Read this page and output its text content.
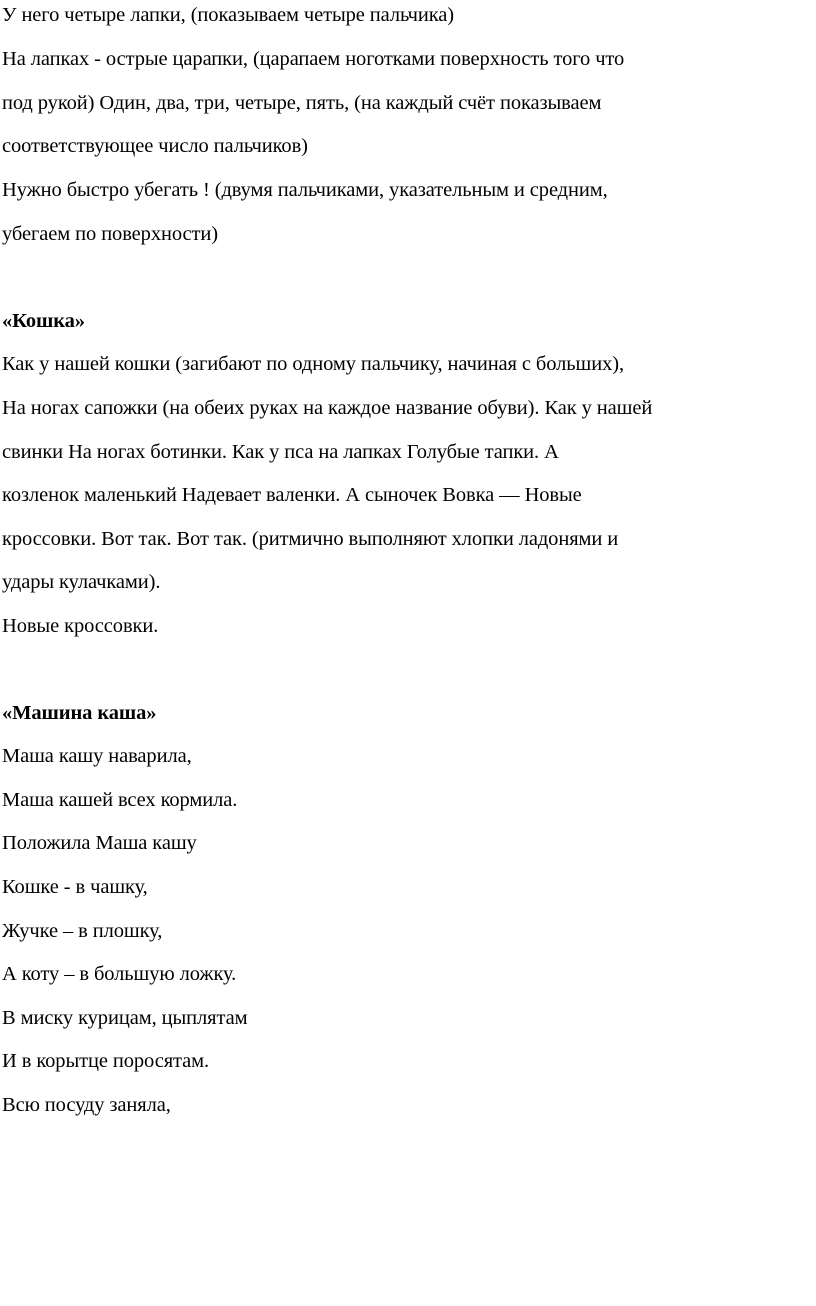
У него четыре лапки, (показываем четыре пальчика)
На лапках - острые царапки, (царапаем ноготками поверхность того что
под рукой) Один, два, три, четыре, пять, (на каждый счёт показываем
соответствующее число пальчиков)
Нужно быстро убегать ! (двумя пальчиками, указательным и средним,
убегаем по поверхности)
«Кошка»
Как у нашей кошки (загибают по одному пальчику, начиная с больших),
На ногах сапожки (на обеих руках на каждое название обуви). Как у нашей
свинки На ногах ботинки. Как у пса на лапках Голубые тапки. А
козленок маленький Надевает валенки. А сыночек Вовка — Новые
кроссовки. Вот так. Вот так. (ритмично выполняют хлопки ладонями и
удары кулачками).
Новые кроссовки.
«Машина каша»
Маша кашу наварила,
Маша кашей всех кормила.
Положила Маша кашу
Кошке - в чашку,
Жучке – в плошку,
А коту – в большую ложку.
В миску курицам, цыплятам
И в корытце поросятам.
Всю посуду заняла,
